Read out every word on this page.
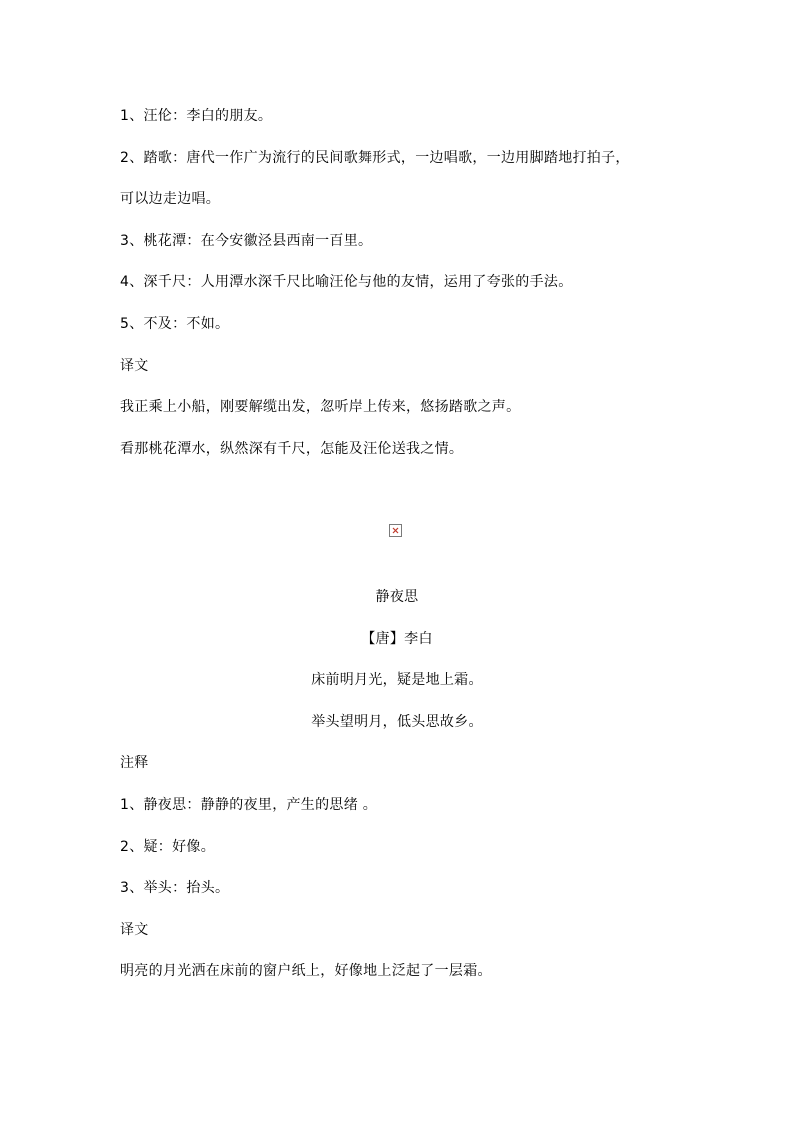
1、汪伦：李白的朋友。
2、踏歌：唐代一作广为流行的民间歌舞形式，一边唱歌，一边用脚踏地打拍子，
可以边走边唱。
3、桃花潭：在今安徽泾县西南一百里。
4、深千尺：人用潭水深千尺比喻汪伦与他的友情，运用了夸张的手法。
5、不及：不如。
译文
我正乘上小船，刚要解缆出发，忽听岸上传来，悠扬踏歌之声。
看那桃花潭水，纵然深有千尺，怎能及汪伦送我之情。
静夜思
【唐】李白
床前明月光，疑是地上霜。
举头望明月，低头思故乡。
注释
1、静夜思：静静的夜里，产生的思绪 。
2、疑：好像。
3、举头：抬头。
译文
明亮的月光洒在床前的窗户纸上，好像地上泛起了一层霜。
